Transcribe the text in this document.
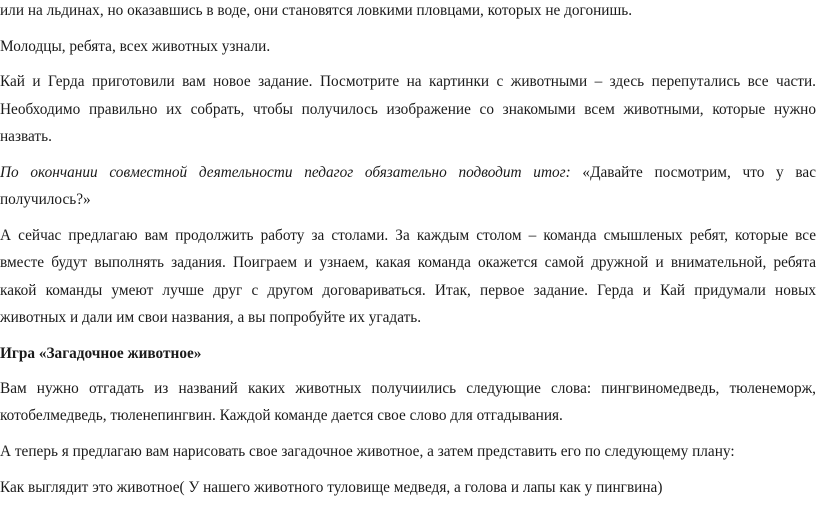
или на льдинах, но оказавшись в воде, они становятся ловкими пловцами, которых не догонишь.
Молодцы, ребята, всех животных узнали.
Кай и Герда приготовили вам новое задание. Посмотрите на картинки с животными – здесь перепутались все части.
Необходимо правильно их собрать, чтобы получилось изображение со знакомыми всем животными, которые нужно
назвать.
По окончании совместной деятельности педагог обязательно подводит итог: «Давайте посмотрим, что у вас
получилось?»
А сейчас предлагаю вам продолжить работу за столами. За каждым столом – команда смышленых ребят, которые все
вместе будут выполнять задания. Поиграем и узнаем, какая команда окажется самой дружной и внимательной, ребята
какой команды умеют лучше друг с другом договариваться. Итак, первое задание. Герда и Кай придумали новых
животных и дали им свои названия, а вы попробуйте их угадать.
Игра «Загадочное животное»
Вам нужно отгадать из названий каких животных получиились следующие слова: пингвиномедведь, тюленеморж,
котобелмедведь, тюленепингвин. Каждой команде дается свое слово для отгадывания.
А теперь я предлагаю вам нарисовать свое загадочное животное, а затем представить его по следующему плану:
Как выглядит это животное( У нашего животного туловище медведя, а голова и лапы как у пингвина)
